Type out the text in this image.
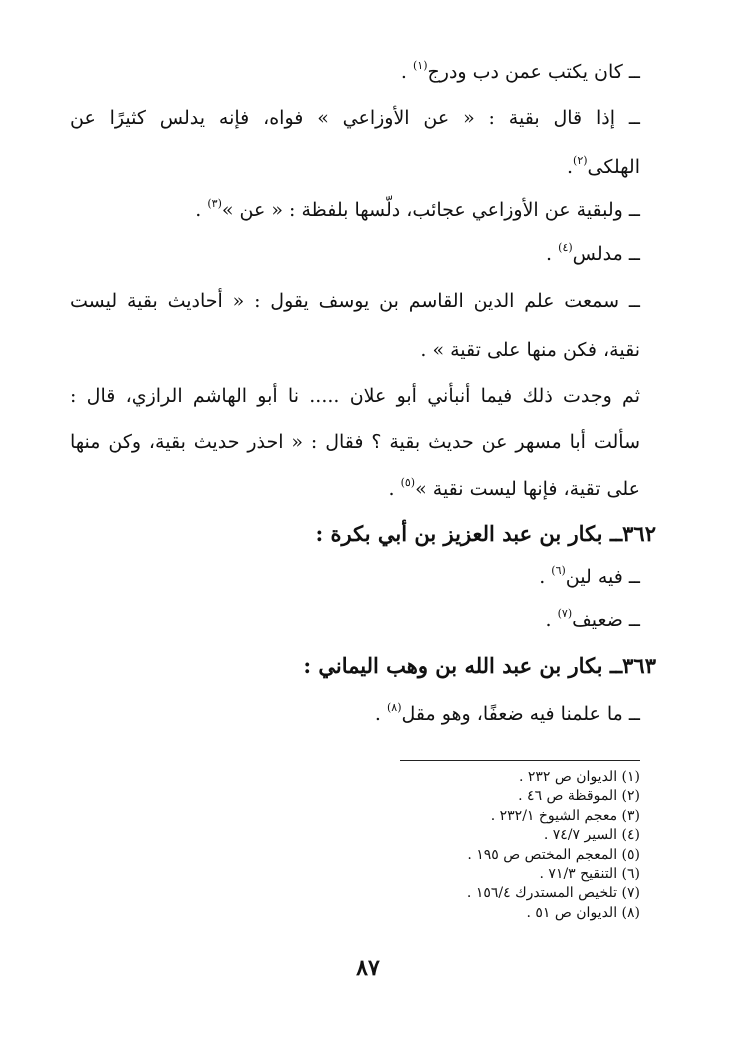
ــ كان يكتب عمن دب ودرج$^{(١)}$ .
ــ إذا قال بقية : « عن الأوزاعي » فواه، فإنه يدلس كثيرًا عن
الهلكى$^{(٢)}$.
ــ ولبقية عن الأوزاعي عجائب، دلّسها بلفظة : « عن »$^{(٣)}$ .
ــ مدلس$^{(٤)}$ .
ــ سمعت علم الدين القاسم بن يوسف يقول : « أحاديث بقية ليست
نقية، فكن منها على تقية » .
ثم وجدت ذلك فيما أنبأني أبو علان ..... نا أبو الهاشم الرازي، قال :
سألت أبا مسهر عن حديث بقية ؟ فقال : « احذر حديث بقية، وكن منها
على تقية، فإنها ليست نقية »$^{(٥)}$ .
٣٦٢ــ بكار بن عبد العزيز بن أبي بكرة :
ــ فيه لين$^{(٦)}$ .
ــ ضعيف$^{(٧)}$ .
٣٦٣ــ بكار بن عبد الله بن وهب اليماني :
ــ ما علمنا فيه ضعفًا، وهو مقل$^{(٨)}$ .
(١) الديوان ص ٢٣٢ .
(٢) الموقظة ص ٤٦ .
(٣) معجم الشيوخ ٢٣٢/١ .
(٤) السير ٧٤/٧ .
(٥) المعجم المختص ص ١٩٥ .
(٦) التنقيح ٧١/٣ .
(٧) تلخيص المستدرك ١٥٦/٤ .
(٨) الديوان ص ٥١ .
٨٧
